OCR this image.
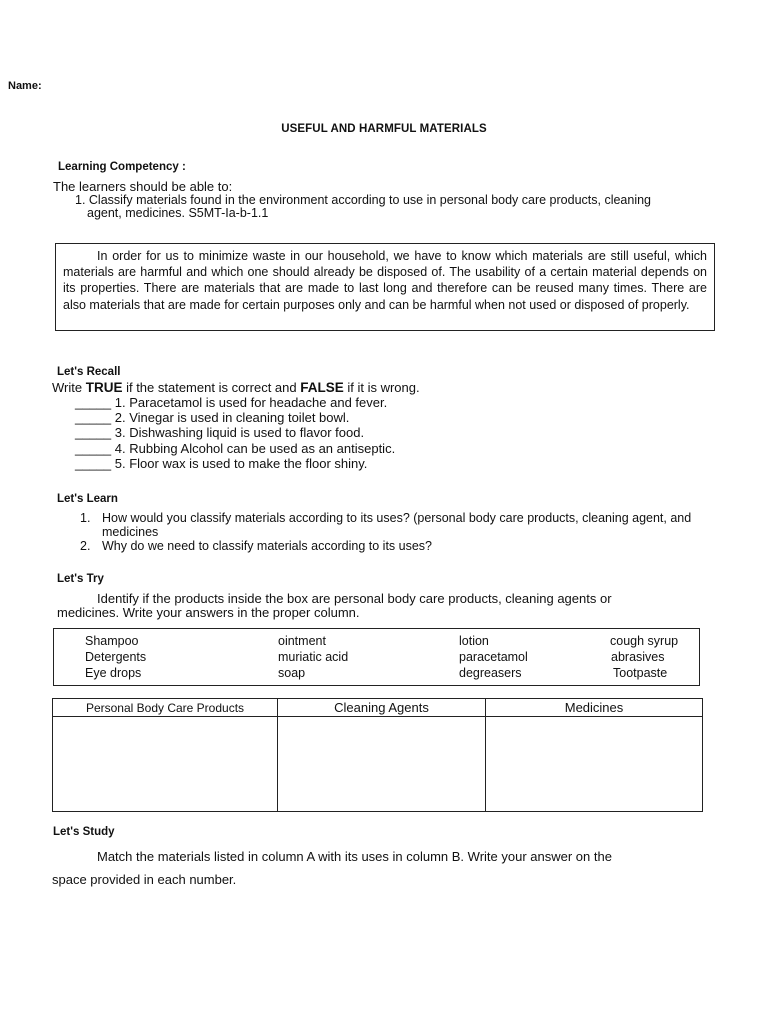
Name:
USEFUL AND HARMFUL MATERIALS
Learning Competency :
The learners should be able to:
1. Classify materials found in the environment according to use in personal body care products, cleaning
agent, medicines. S5MT-Ia-b-1.1

In order for us to minimize waste in our household, we have to know which materials are still useful, which materials are harmful and which one should already be disposed of. The usability of a certain material depends on its properties. There are materials that are made to last long and therefore can be reused many times. There are also materials that are made for certain purposes only and can be harmful when not used or disposed of properly.

Let's Recall
Write TRUE if the statement is correct and FALSE if it is wrong.
_____ 1. Paracetamol is used for headache and fever.
_____ 2. Vinegar is used in cleaning toilet bowl.
_____ 3. Dishwashing liquid is used to flavor food.
_____ 4. Rubbing Alcohol can be used as an antiseptic.
_____ 5. Floor wax is used to make the floor shiny.
Let's Learn
1. How would you classify materials according to its uses? (personal body care products, cleaning agent, and medicines
2. Why do we need to classify materials according to its uses?
Let's Try
Identify if the products inside the box are personal body care products, cleaning agents or
medicines. Write your answers in the proper column.
Shampoo	ointment	lotion	cough syrup
Detergents	muriatic acid	paracetamol	abrasives
Eye drops	soap	degreasers	Tootpaste
Personal Body Care Products	Cleaning Agents	Medicines

Let's Study
Match the materials listed in column A with its uses in column B. Write your answer on the
space provided in each number.
